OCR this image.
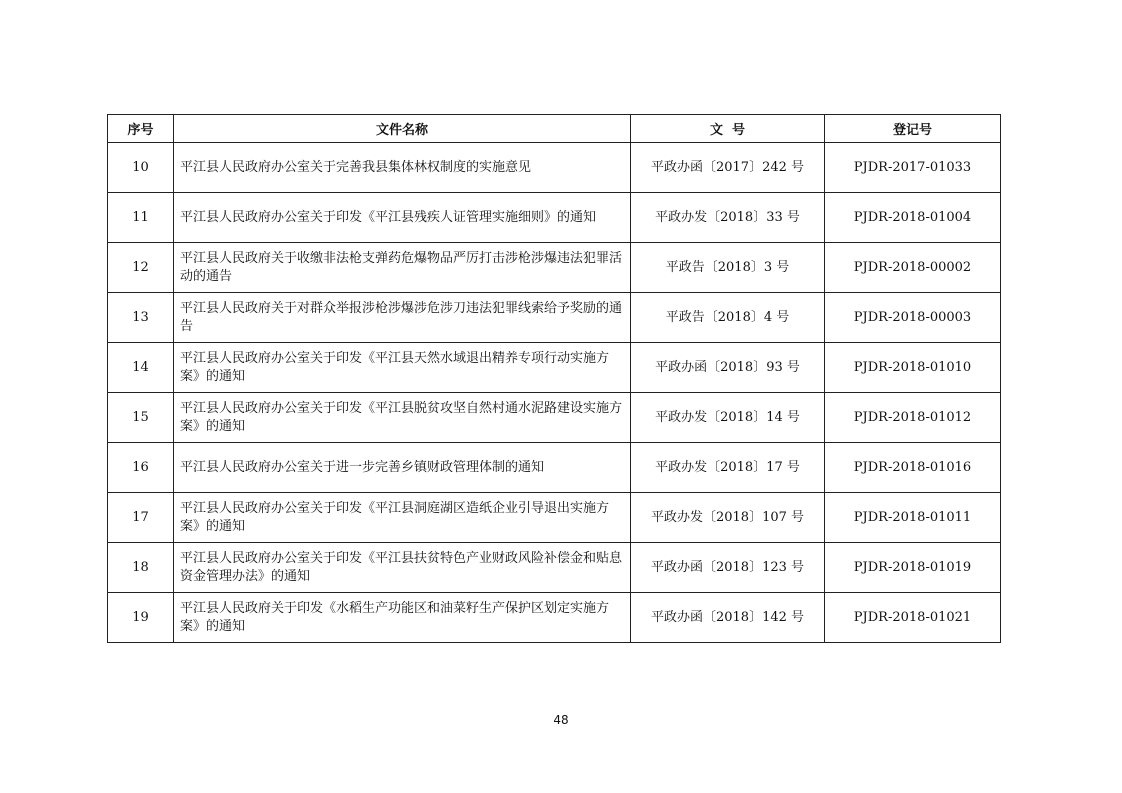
序号	文件名称	文  号	登记号
10	平江县人民政府办公室关于完善我县集体林权制度的实施意见	平政办函〔2017〕242 号	PJDR-2017-01033
11	平江县人民政府办公室关于印发《平江县残疾人证管理实施细则》的通知	平政办发〔2018〕33 号	PJDR-2018-01004
12	平江县人民政府关于收缴非法枪支弹药危爆物品严厉打击涉枪涉爆违法犯罪活动的通告	平政告〔2018〕3 号	PJDR-2018-00002
13	平江县人民政府关于对群众举报涉枪涉爆涉危涉刀违法犯罪线索给予奖励的通告	平政告〔2018〕4 号	PJDR-2018-00003
14	平江县人民政府办公室关于印发《平江县天然水域退出精养专项行动实施方案》的通知	平政办函〔2018〕93 号	PJDR-2018-01010
15	平江县人民政府办公室关于印发《平江县脱贫攻坚自然村通水泥路建设实施方案》的通知	平政办发〔2018〕14 号	PJDR-2018-01012
16	平江县人民政府办公室关于进一步完善乡镇财政管理体制的通知	平政办发〔2018〕17 号	PJDR-2018-01016
17	平江县人民政府办公室关于印发《平江县洞庭湖区造纸企业引导退出实施方案》的通知	平政办发〔2018〕107 号	PJDR-2018-01011
18	平江县人民政府办公室关于印发《平江县扶贫特色产业财政风险补偿金和贴息资金管理办法》的通知	平政办函〔2018〕123 号	PJDR-2018-01019
19	平江县人民政府关于印发《水稻生产功能区和油菜籽生产保护区划定实施方案》的通知	平政办函〔2018〕142 号	PJDR-2018-01021
48
